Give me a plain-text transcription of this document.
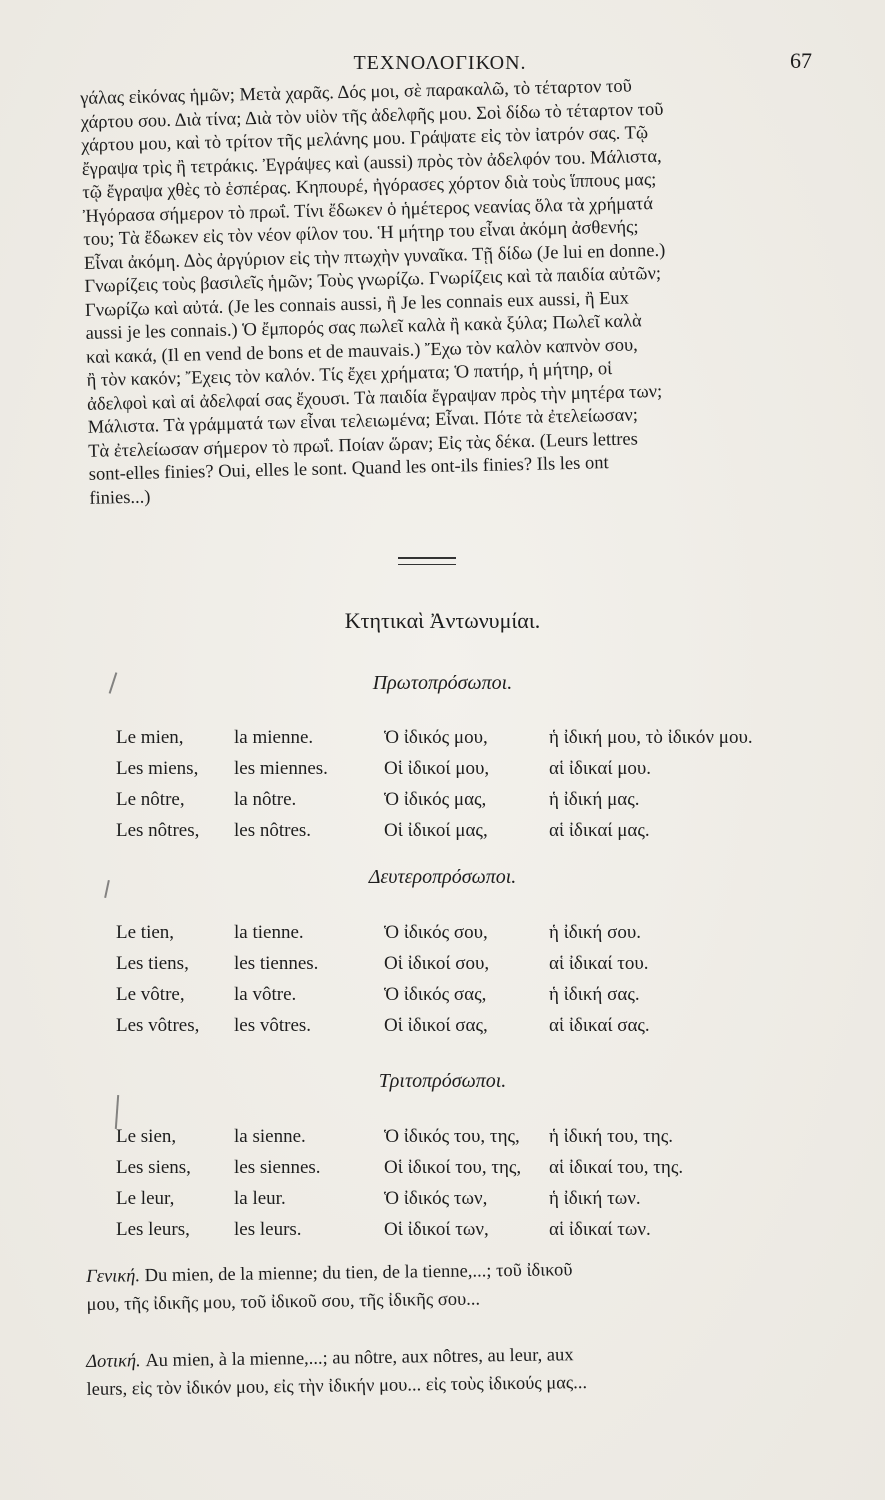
ΤΕΧΝΟΛΟΓΙΚΟΝ.	67

γάλας εἰκόνας ἡμῶν; Μετὰ χαρᾶς. Δός μοι, σὲ παρακαλῶ, τὸ τέταρτον τοῦ

χάρτου σου. Διὰ τίνα; Διὰ τὸν υἱὸν τῆς ἀδελφῆς μου. Σοὶ δίδω τὸ τέταρτον τοῦ

χάρτου μου, καὶ τὸ τρίτον τῆς μελάνης μου. Γράψατε εἰς τὸν ἰατρόν σας. Τῷ

ἔγραψα τρὶς ἢ τετράκις. Ἐγράψες καὶ (aussi) πρὸς τὸν ἀδελφόν του. Μάλιστα,

τῷ ἔγραψα χθὲς τὸ ἑσπέρας. Κηπουρέ, ἠγόρασες χόρτον διὰ τοὺς ἵππους μας;

Ἠγόρασα σήμερον τὸ πρωΐ. Τίνι ἔδωκεν ὁ ἡμέτερος νεανίας ὅλα τὰ χρήματά

του; Τὰ ἔδωκεν εἰς τὸν νέον φίλον του. Ἡ μήτηρ του εἶναι ἀκόμη ἀσθενής;

Εἶναι ἀκόμη. Δὸς ἀργύριον εἰς τὴν πτωχὴν γυναῖκα. Τῇ δίδω (Je lui en donne.)

Γνωρίζεις τοὺς βασιλεῖς ἡμῶν; Τοὺς γνωρίζω. Γνωρίζεις καὶ τὰ παιδία αὐτῶν;

Γνωρίζω καὶ αὐτά. (Je les connais aussi, ἢ Je les connais eux aussi, ἢ Eux

aussi je les connais.) Ὁ ἔμπορός σας πωλεῖ καλὰ ἢ κακὰ ξύλα; Πωλεῖ καλὰ

καὶ κακά, (Il en vend de bons et de mauvais.) Ἔχω τὸν καλὸν καπνὸν σου,

ἢ τὸν κακόν; Ἔχεις τὸν καλόν. Τίς ἔχει χρήματα; Ὁ πατήρ, ἡ μήτηρ, οἱ

ἀδελφοὶ καὶ αἱ ἀδελφαί σας ἔχουσι. Τὰ παιδία ἔγραψαν πρὸς τὴν μητέρα των;

Μάλιστα. Τὰ γράμματά των εἶναι τελειωμένα; Εἶναι. Πότε τὰ ἐτελείωσαν;

Τὰ ἐτελείωσαν σήμερον τὸ πρωΐ. Ποίαν ὥραν; Εἰς τὰς δέκα. (Leurs lettres

sont-elles finies? Oui, elles le sont. Quand les ont-ils finies? Ils les ont

finies...)

Κτητικαὶ Ἀντωνυμίαι.
Πρωτοπρόσωποι.
Le mien,	la mienne.	Ὁ ἰδικός μου,	ἡ ἰδική μου, τὸ ἰδικόν μου.
Les miens,	les miennes.	Οἱ ἰδικοί μου,	αἱ ἰδικαί μου.
Le nôtre,	la nôtre.	Ὁ ἰδικός μας,	ἡ ἰδική μας.
Les nôtres,	les nôtres.	Οἱ ἰδικοί μας,	αἱ ἰδικαί μας.
Δευτεροπρόσωποι.
Le tien,	la tienne.	Ὁ ἰδικός σου,	ἡ ἰδική σου.
Les tiens,	les tiennes.	Οἱ ἰδικοί σου,	αἱ ἰδικαί του.
Le vôtre,	la vôtre.	Ὁ ἰδικός σας,	ἡ ἰδική σας.
Les vôtres,	les vôtres.	Οἱ ἰδικοί σας,	αἱ ἰδικαί σας.
Τριτοπρόσωποι.
Le sien,	la sienne.	Ὁ ἰδικός του, της,	ἡ ἰδική του, της.
Les siens,	les siennes.	Οἱ ἰδικοί του, της,	αἱ ἰδικαί του, της.
Le leur,	la leur.	Ὁ ἰδικός των,	ἡ ἰδική των.
Les leurs,	les leurs.	Οἱ ἰδικοί των,	αἱ ἰδικαί των.
Γενική. Du mien, de la mienne; du tien, de la tienne,...; τοῦ ἰδικοῦ
μου, τῆς ἰδικῆς μου, τοῦ ἰδικοῦ σου, τῆς ἰδικῆς σου...
Δοτική. Au mien, à la mienne,...; au nôtre, aux nôtres, au leur, aux
leurs, εἰς τὸν ἰδικόν μου, εἰς τὴν ἰδικήν μου... εἰς τοὺς ἰδικούς μας...
